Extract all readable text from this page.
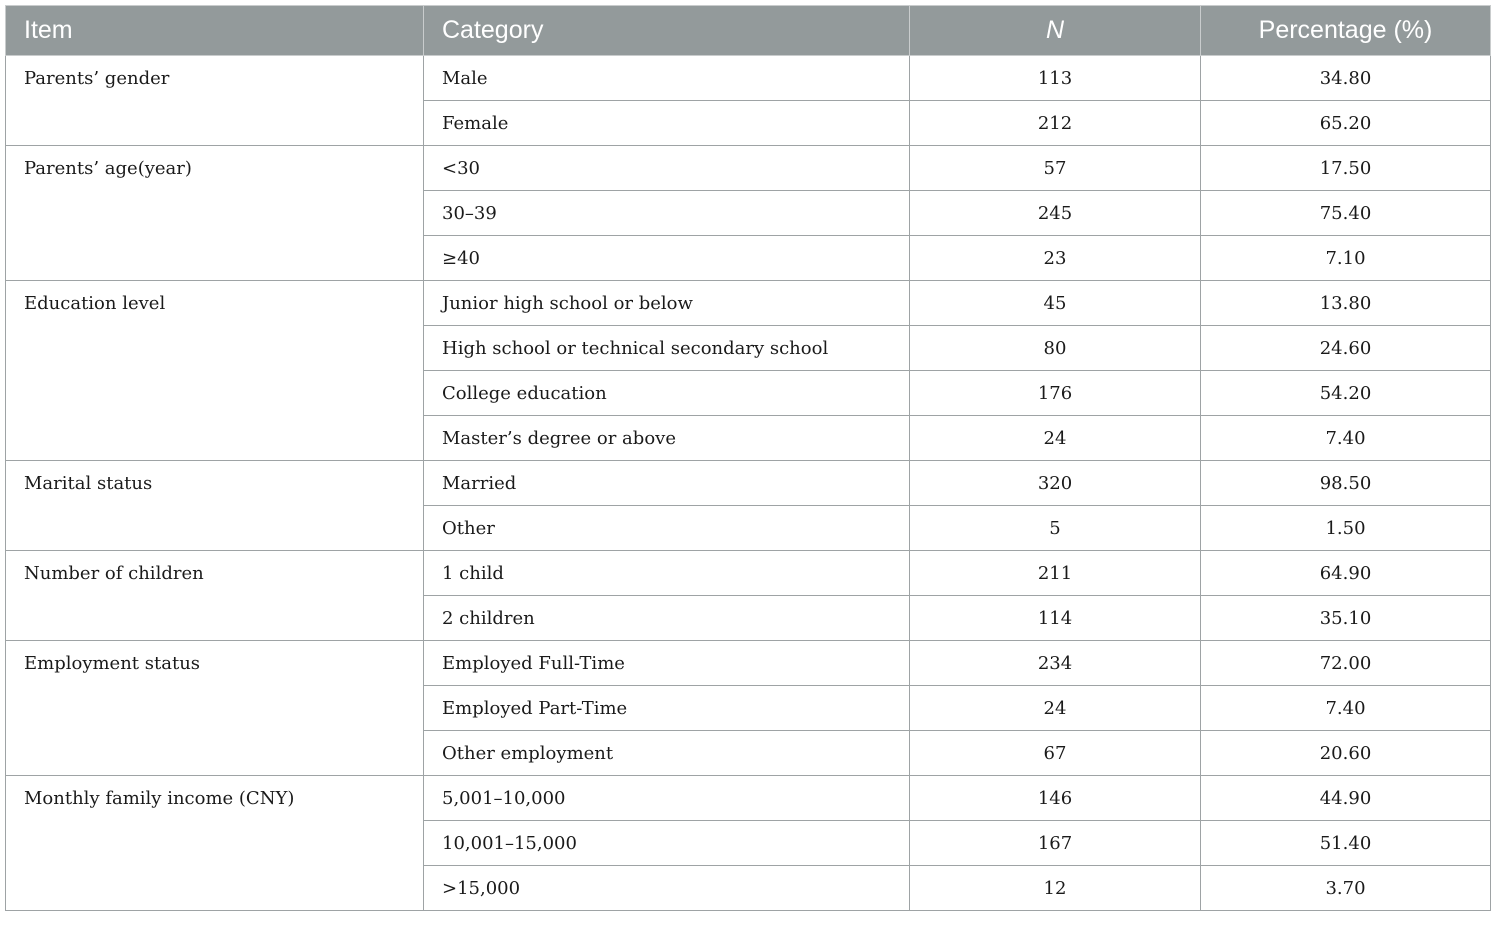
Item	Category	N	Percentage (%)
Parents’ gender	Male	113	34.80
	Female	212	65.20
Parents’ age(year)	<30	57	17.50
	30–39	245	75.40
	≥40	23	7.10
Education level	Junior high school or below	45	13.80
	High school or technical secondary school	80	24.60
	College education	176	54.20
	Master’s degree or above	24	7.40
Marital status	Married	320	98.50
	Other	5	1.50
Number of children	1 child	211	64.90
	2 children	114	35.10
Employment status	Employed Full-Time	234	72.00
	Employed Part-Time	24	7.40
	Other employment	67	20.60
Monthly family income (CNY)	5,001–10,000	146	44.90
	10,001–15,000	167	51.40
	>15,000	12	3.70
